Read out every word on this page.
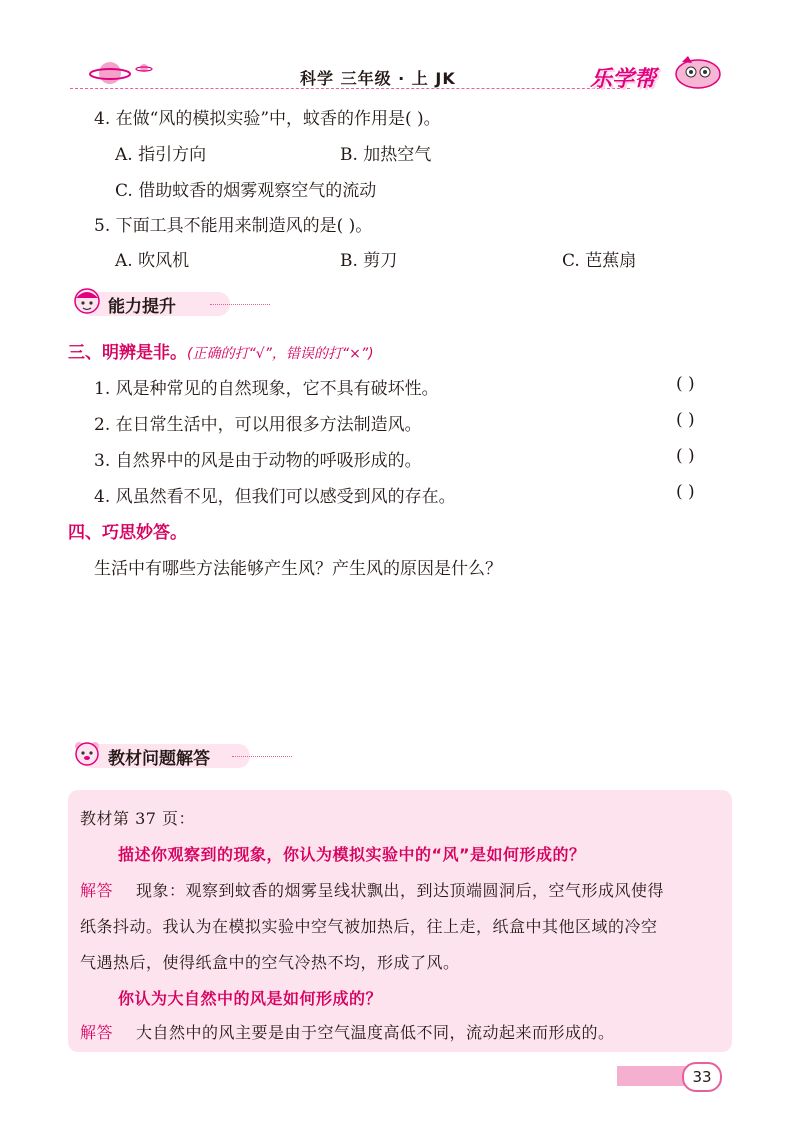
科学 三年级 · 上 JK	乐学帮
4. 在做“风的模拟实验”中，蚊香的作用是( )。
A. 指引方向	B. 加热空气
C. 借助蚊香的烟雾观察空气的流动
5. 下面工具不能用来制造风的是( )。
A. 吹风机	B. 剪刀	C. 芭蕉扇
能力提升
三、明辨是非。(正确的打“√”，错误的打“×”)
1. 风是种常见的自然现象，它不具有破坏性。	( )
2. 在日常生活中，可以用很多方法制造风。	( )
3. 自然界中的风是由于动物的呼吸形成的。	( )
4. 风虽然看不见，但我们可以感受到风的存在。	( )
四、巧思妙答。
生活中有哪些方法能够产生风？产生风的原因是什么？
教材问题解答
教材第 37 页：
描述你观察到的现象，你认为模拟实验中的“风”是如何形成的？
解答 现象：观察到蚊香的烟雾呈线状飘出，到达顶端圆洞后，空气形成风使得
纸条抖动。我认为在模拟实验中空气被加热后，往上走，纸盒中其他区域的冷空
气遇热后，使得纸盒中的空气冷热不均，形成了风。
你认为大自然中的风是如何形成的？
解答 大自然中的风主要是由于空气温度高低不同，流动起来而形成的。
33
